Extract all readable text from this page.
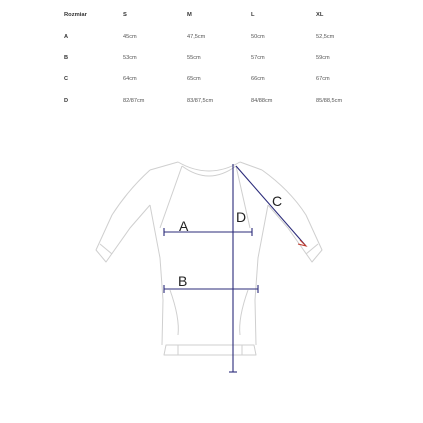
Rozmiar	S	M	L	XL
A	45cm	47,5cm	50cm	52,5cm
B	53cm	55cm	57cm	59cm
C	64cm	65cm	66cm	67cm
D	82/87cm	83/87,5cm	84/88cm	85/88,5cm
A
B
C
D
